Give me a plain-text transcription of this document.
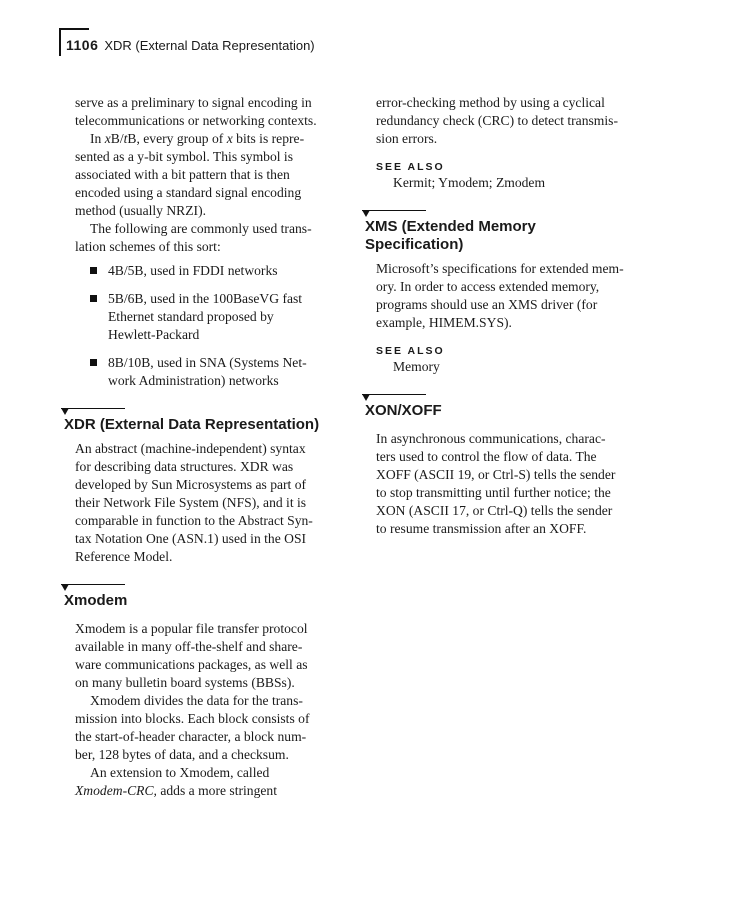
1106 XDR (External Data Representation)
serve as a preliminary to signal encoding in
telecommunications or networking contexts.
In xB/tB, every group of x bits is repre-
sented as a y-bit symbol. This symbol is
associated with a bit pattern that is then
encoded using a standard signal encoding
method (usually NRZI).
The following are commonly used trans-
lation schemes of this sort:
4B/5B, used in FDDI networks
5B/6B, used in the 100BaseVG fast
Ethernet standard proposed by
Hewlett-Packard
8B/10B, used in SNA (Systems Net-
work Administration) networks
XDR (External Data Representation)
An abstract (machine-independent) syntax
for describing data structures. XDR was
developed by Sun Microsystems as part of
their Network File System (NFS), and it is
comparable in function to the Abstract Syn-
tax Notation One (ASN.1) used in the OSI
Reference Model.
Xmodem
Xmodem is a popular file transfer protocol
available in many off-the-shelf and share-
ware communications packages, as well as
on many bulletin board systems (BBSs).
Xmodem divides the data for the trans-
mission into blocks. Each block consists of
the start-of-header character, a block num-
ber, 128 bytes of data, and a checksum.
An extension to Xmodem, called
Xmodem-CRC, adds a more stringent
error-checking method by using a cyclical
redundancy check (CRC) to detect transmis-
sion errors.
SEE ALSO
Kermit; Ymodem; Zmodem
XMS (Extended Memory
Specification)
Microsoft’s specifications for extended mem-
ory. In order to access extended memory,
programs should use an XMS driver (for
example, HIMEM.SYS).
SEE ALSO
Memory
XON/XOFF
In asynchronous communications, charac-
ters used to control the flow of data. The
XOFF (ASCII 19, or Ctrl-S) tells the sender
to stop transmitting until further notice; the
XON (ASCII 17, or Ctrl-Q) tells the sender
to resume transmission after an XOFF.
